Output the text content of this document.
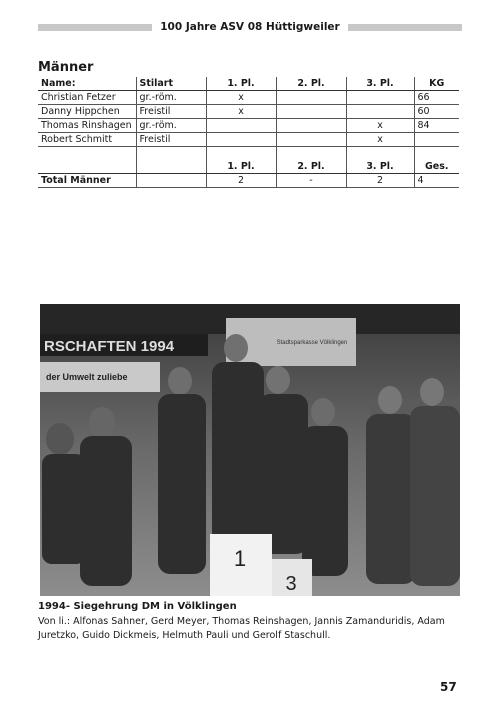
100 Jahre ASV 08 Hüttigweiler
Männer
Name:	Stilart	1. Pl.	2. Pl.	3. Pl.	KG
Christian Fetzer	gr.-röm.	x			66
Danny Hippchen	Freistil	x			60
Thomas Rinshagen	gr.-röm.			x	84
Robert Schmitt	Freistil			x	

		1. Pl.	2. Pl.	3. Pl.	Ges.
Total Männer		2	-	2	4
RSCHAFTEN 1994	Stadtsparkasse Völklingen
der Umwelt zuliebe
1
3
1994- Siegehrung DM in Völklingen
Von li.: Alfonas Sahner, Gerd Meyer, Thomas Reinshagen, Jannis Zamanduridis, Adam Juretzko, Guido Dickmeis, Helmuth Pauli und Gerolf Staschull.
57
